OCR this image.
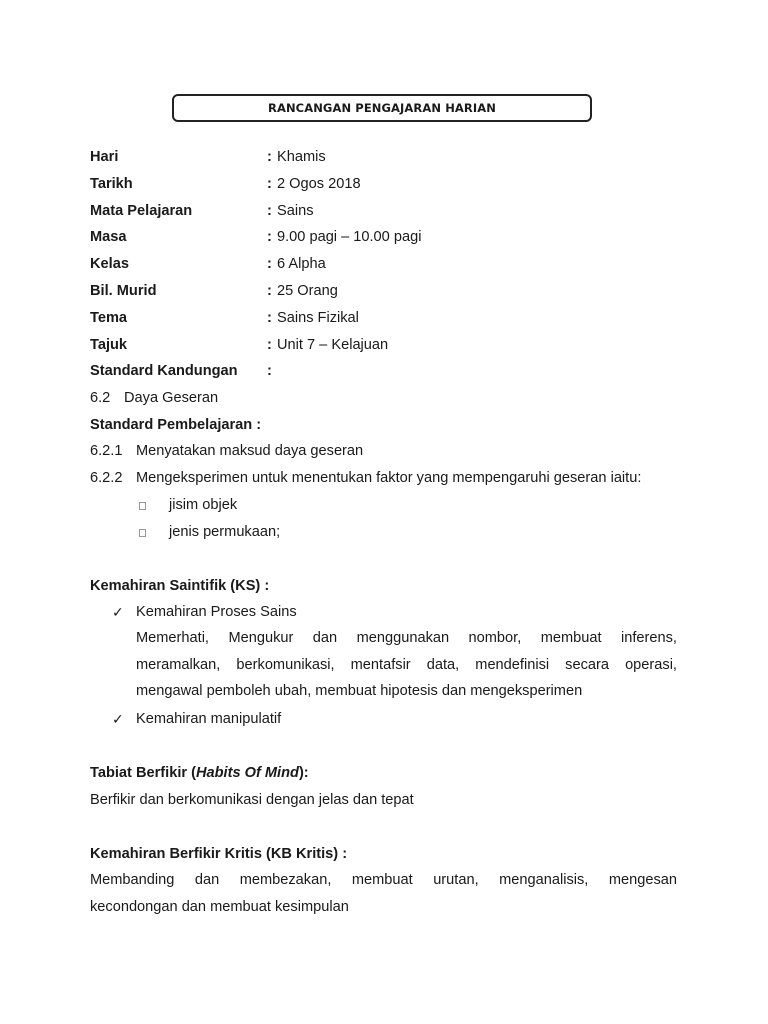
RANCANGAN PENGAJARAN HARIAN
Hari	: Khamis
Tarikh	: 2 Ogos 2018
Mata Pelajaran	: Sains
Masa	: 9.00 pagi – 10.00 pagi
Kelas	: 6 Alpha
Bil. Murid	: 25 Orang
Tema	: Sains Fizikal
Tajuk	: Unit 7 – Kelajuan
Standard Kandungan :
6.2 Daya Geseran
Standard Pembelajaran :
6.2.1 Menyatakan maksud daya geseran
6.2.2 Mengeksperimen untuk menentukan faktor yang mempengaruhi geseran iaitu:
jisim objek
jenis permukaan;
Kemahiran Saintifik (KS) :
✓ Kemahiran Proses Sains
Memerhati, Mengukur dan menggunakan nombor, membuat inferens,
meramalkan, berkomunikasi, mentafsir data, mendefinisi secara operasi,
mengawal pemboleh ubah, membuat hipotesis dan mengeksperimen
✓ Kemahiran manipulatif
Tabiat Berfikir (Habits Of Mind):
Berfikir dan berkomunikasi dengan jelas dan tepat
Kemahiran Berfikir Kritis (KB Kritis) :
Membanding dan membezakan, membuat urutan, menganalisis, mengesan
kecondongan dan membuat kesimpulan
